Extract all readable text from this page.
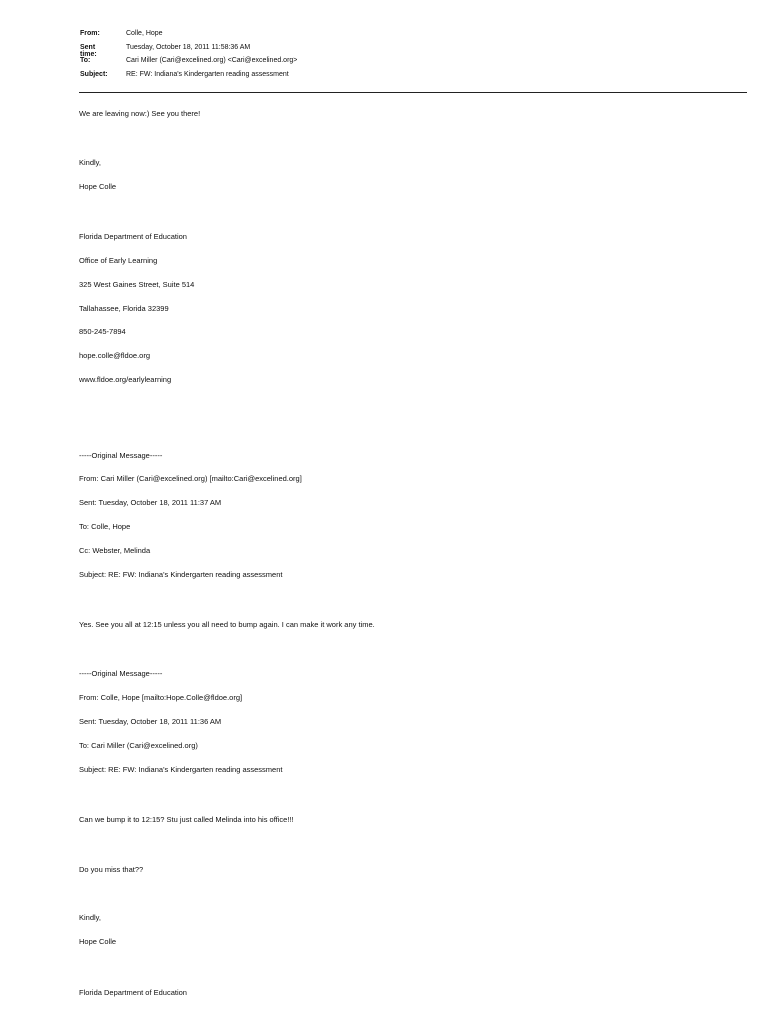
From:	Colle, Hope
Sent time:
Tuesday, October 18, 2011 11:58:36 AM
To:	Cari Miller (Cari@excelined.org) <Cari@excelined.org>
Subject:	RE: FW: Indiana's Kindergarten reading assessment
We are leaving now:) See you there!
Kindly,
Hope Colle
Florida Department of Education
Office of Early Learning
325 West Gaines Street, Suite 514
Tallahassee, Florida 32399
850-245-7894
hope.colle@fldoe.org
www.fldoe.org/earlylearning
-----Original Message-----
From: Cari Miller (Cari@excelined.org) [mailto:Cari@excelined.org]
Sent: Tuesday, October 18, 2011 11:37 AM
To: Colle, Hope
Cc: Webster, Melinda
Subject: RE: FW: Indiana's Kindergarten reading assessment
Yes. See you all at 12:15 unless you all need to bump again. I can make it work any time.
-----Original Message-----
From: Colle, Hope [mailto:Hope.Colle@fldoe.org]
Sent: Tuesday, October 18, 2011 11:36 AM
To: Cari Miller (Cari@excelined.org)
Subject: RE: FW: Indiana's Kindergarten reading assessment
Can we bump it to 12:15? Stu just called Melinda into his office!!!
Do you miss that??
Kindly,
Hope Colle
Florida Department of Education
